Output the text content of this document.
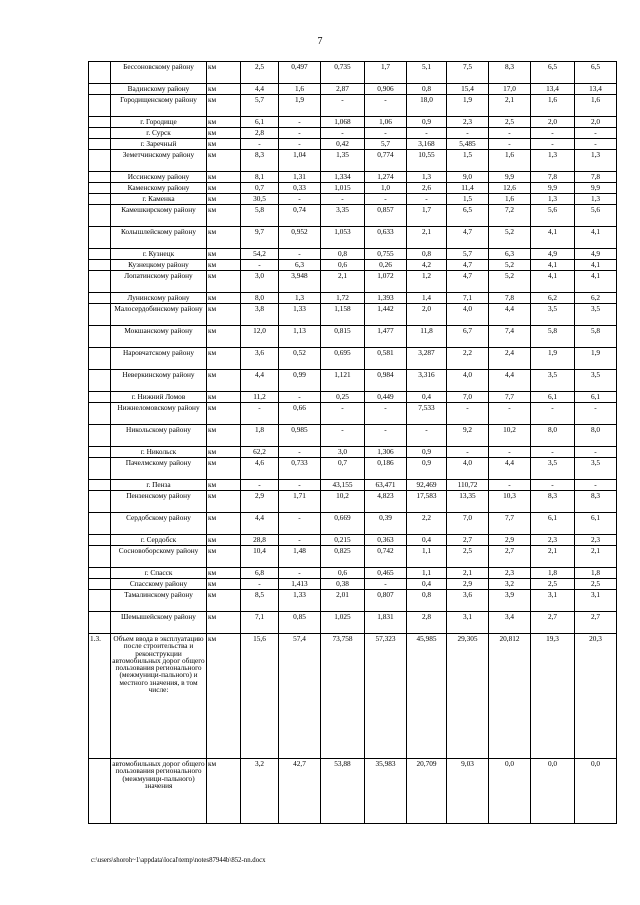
7
	Бессоновскому району	км	2,5	0,497	0,735	1,7	5,1	7,5	8,3	6,5	6,5
	Вадинскому району	км	4,4	1,6	2,87	0,906	0,8	15,4	17,0	13,4	13,4
	Городищенскому району	км	5,7	1,9	-	-	18,0	1,9	2,1	1,6	1,6
	г. Городище	км	6,1	-	1,068	1,06	0,9	2,3	2,5	2,0	2,0
	г. Сурск	км	2,8	-	-	-	-	-	-	-	-
	г. Заречный	км	-	-	0,42	5,7	3,168	5,485	-	-	-
	Земетчинскому району	км	8,3	1,04	1,35	0,774	10,55	1,5	1,6	1,3	1,3
	Иссинскому району	км	8,1	1,31	1,334	1,274	1,3	9,0	9,9	7,8	7,8
	Каменскому району	км	0,7	0,33	1,015	1,0	2,6	11,4	12,6	9,9	9,9
	г. Каменка	км	30,5	-	-	-	-	1,5	1,6	1,3	1,3
	Камешкирскому району	км	5,8	0,74	3,35	0,857	1,7	6,5	7,2	5,6	5,6
	Колышлейскому району	км	9,7	0,952	1,053	0,633	2,1	4,7	5,2	4,1	4,1
	г. Кузнецк	км	54,2	-	0,8	0,755	0,8	5,7	6,3	4,9	4,9
	Кузнецкому району	км	-	6,3	0,6	0,26	4,2	4,7	5,2	4,1	4,1
	Лопатинскому району	км	3,0	3,948	2,1	1,072	1,2	4,7	5,2	4,1	4,1
	Лунинскому району	км	8,0	1,3	1,72	1,393	1,4	7,1	7,8	6,2	6,2
	Малосердобинскому району	км	3,8	1,33	1,158	1,442	2,0	4,0	4,4	3,5	3,5
	Мокшанскому району	км	12,0	1,13	0,815	1,477	11,8	6,7	7,4	5,8	5,8
	Наровчатскому району	км	3,6	0,52	0,695	0,581	3,287	2,2	2,4	1,9	1,9
	Неверкинскому району	км	4,4	0,99	1,121	0,984	3,316	4,0	4,4	3,5	3,5
	г. Нижний Ломов	км	11,2	-	0,25	0,449	0,4	7,0	7,7	6,1	6,1
	Нижнеломовскому району	км	-	0,66	-	-	7,533	-	-	-	-
	Никольскому району	км	1,8	0,985	-	-	-	9,2	10,2	8,0	8,0
	г. Никольск	км	62,2	-	3,0	1,306	0,9	-	-	-	-
	Пачелмскому району	км	4,6	0,733	0,7	0,186	0,9	4,0	4,4	3,5	3,5
	г. Пенза	км	-	-	43,155	63,471	92,469	110,72	-	-	-
	Пензенскому району	км	2,9	1,71	10,2	4,823	17,583	13,35	10,3	8,3	8,3
	Сердобскому району	км	4,4	-	0,669	0,39	2,2	7,0	7,7	6,1	6,1
	г. Сердобск	км	28,8	-	0,215	0,363	0,4	2,7	2,9	2,3	2,3
	Сосновоборскому району	км	10,4	1,48	0,825	0,742	1,1	2,5	2,7	2,1	2,1
	г. Спасск	км	6,8	-	0,6	0,465	1,1	2,1	2,3	1,8	1,8
	Спасскому району	км	-	1,413	0,38	-	0,4	2,9	3,2	2,5	2,5
	Тамалинскому району	км	8,5	1,33	2,01	0,807	0,8	3,6	3,9	3,1	3,1
	Шемышейскому району	км	7,1	0,85	1,025	1,831	2,8	3,1	3,4	2,7	2,7
1.3.	Объем ввода в эксплуатацию после строительства и реконструкции автомобильных дорог общего пользования регионального (межмуници-пального) и местного значения, в том числе:	км	15,6	57,4	73,758	57,323	45,985	29,305	20,812	19,3	20,3
	автомобильных дорог общего пользования регионального (межмуници-пального) значения	км	3,2	42,7	53,88	35,983	20,709	9,03	0,0	0,0	0,0
c:\users\shoroh~1\appdata\local\temp\notes87944b\852-nn.docx
